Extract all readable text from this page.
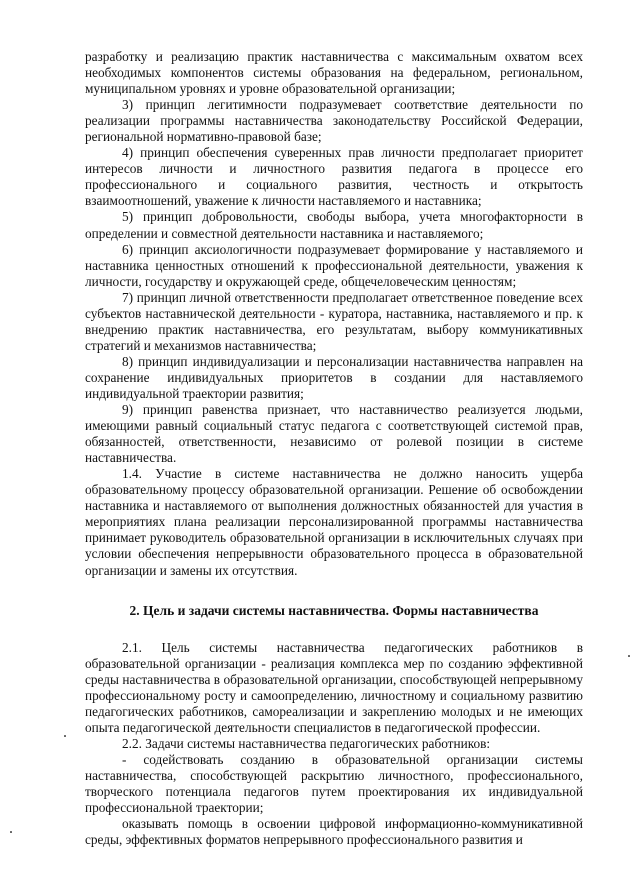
разработку и реализацию практик наставничества с максимальным охватом всех необходимых компонентов системы образования на федеральном, региональном, муниципальном уровнях и уровне образовательной организации;

3) принцип легитимности подразумевает соответствие деятельности по реализации программы наставничества законодательству Российской Федерации, региональной нормативно-правовой базе;

4) принцип обеспечения суверенных прав личности предполагает приоритет интересов личности и личностного развития педагога в процессе его профессионального и социального развития, честность и открытость взаимоотношений, уважение к личности наставляемого и наставника;

5) принцип добровольности, свободы выбора, учета многофакторности в определении и совместной деятельности наставника и наставляемого;

6) принцип аксиологичности подразумевает формирование у наставляемого и наставника ценностных отношений к профессиональной деятельности, уважения к личности, государству и окружающей среде, общечеловеческим ценностям;

7) принцип личной ответственности предполагает ответственное поведение всех субъектов наставнической деятельности - куратора, наставника, наставляемого и пр. к внедрению практик наставничества, его результатам, выбору коммуникативных стратегий и механизмов наставничества;

8) принцип индивидуализации и персонализации наставничества направлен на сохранение индивидуальных приоритетов в создании для наставляемого индивидуальной траектории развития;

9) принцип равенства признает, что наставничество реализуется людьми, имеющими равный социальный статус педагога с соответствующей системой прав, обязанностей, ответственности, независимо от ролевой позиции в системе наставничества.

1.4. Участие в системе наставничества не должно наносить ущерба образовательному процессу образовательной организации. Решение об освобождении наставника и наставляемого от выполнения должностных обязанностей для участия в мероприятиях плана реализации персонализированной программы наставничества принимает руководитель образовательной организации в исключительных случаях при условии обеспечения непрерывности образовательного процесса в образовательной организации и замены их отсутствия.

2. Цель и задачи системы наставничества. Формы наставничества

2.1. Цель системы наставничества педагогических работников в образовательной организации - реализация комплекса мер по созданию эффективной среды наставничества в образовательной организации, способствующей непрерывному профессиональному росту и самоопределению, личностному и социальному развитию педагогических работников, самореализации и закреплению молодых и не имеющих опыта педагогической деятельности специалистов в педагогической профессии.

2.2. Задачи системы наставничества педагогических работников:

- содействовать созданию в образовательной организации системы наставничества, способствующей раскрытию личностного, профессионального, творческого потенциала педагогов путем проектирования их индивидуальной профессиональной траектории;

оказывать помощь в освоении цифровой информационно-коммуникативной среды, эффективных форматов непрерывного профессионального развития и
